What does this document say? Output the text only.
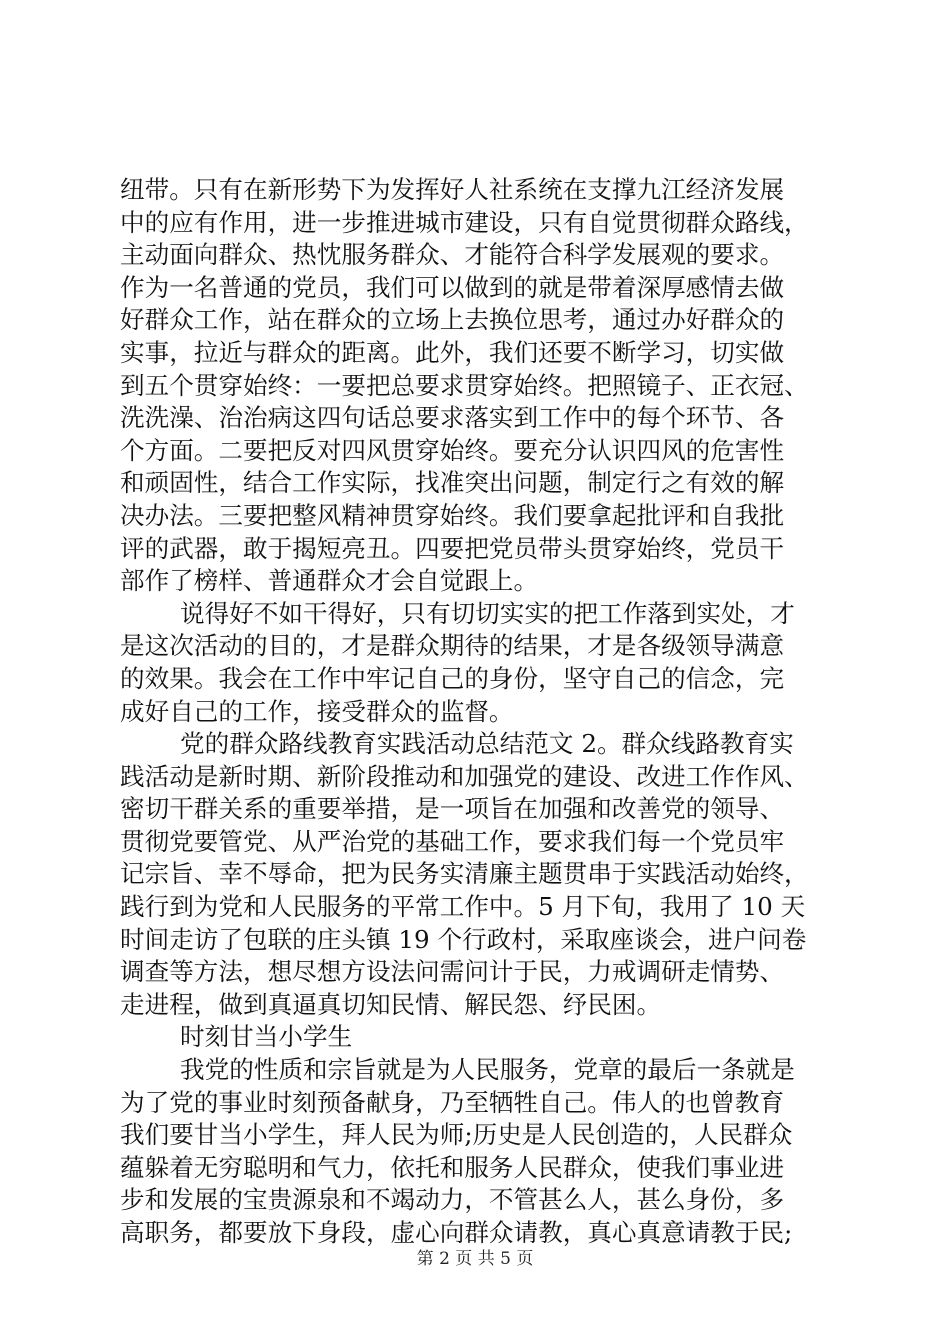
纽带。只有在新形势下为发挥好人社系统在支撑九江经济发展
中的应有作用，进一步推进城市建设，只有自觉贯彻群众路线，
主动面向群众、热忱服务群众、才能符合科学发展观的要求。
作为一名普通的党员，我们可以做到的就是带着深厚感情去做
好群众工作，站在群众的立场上去换位思考，通过办好群众的
实事，拉近与群众的距离。此外，我们还要不断学习，切实做
到五个贯穿始终：一要把总要求贯穿始终。把照镜子、正衣冠、
洗洗澡、治治病这四句话总要求落实到工作中的每个环节、各
个方面。二要把反对四风贯穿始终。要充分认识四风的危害性
和顽固性，结合工作实际，找准突出问题，制定行之有效的解
决办法。三要把整风精神贯穿始终。我们要拿起批评和自我批
评的武器，敢于揭短亮丑。四要把党员带头贯穿始终，党员干
部作了榜样、普通群众才会自觉跟上。
说得好不如干得好，只有切切实实的把工作落到实处，才
是这次活动的目的，才是群众期待的结果，才是各级领导满意
的效果。我会在工作中牢记自己的身份，坚守自己的信念，完
成好自己的工作，接受群众的监督。
党的群众路线教育实践活动总结范文 2。群众线路教育实
践活动是新时期、新阶段推动和加强党的建设、改进工作作风、
密切干群关系的重要举措，是一项旨在加强和改善党的领导、
贯彻党要管党、从严治党的基础工作，要求我们每一个党员牢
记宗旨、幸不辱命，把为民务实清廉主题贯串于实践活动始终，
践行到为党和人民服务的平常工作中。5 月下旬，我用了 10 天
时间走访了包联的庄头镇 19 个行政村，采取座谈会，进户问卷
调查等方法，想尽想方设法问需问计于民，力戒调研走情势、
走进程，做到真逼真切知民情、解民怨、纾民困。
时刻甘当小学生
我党的性质和宗旨就是为人民服务，党章的最后一条就是
为了党的事业时刻预备献身，乃至牺牲自己。伟人的也曾教育
我们要甘当小学生，拜人民为师;历史是人民创造的，人民群众
蕴躲着无穷聪明和气力，依托和服务人民群众，使我们事业进
步和发展的宝贵源泉和不竭动力，不管甚么人，甚么身份，多
高职务，都要放下身段，虚心向群众请教，真心真意请教于民;
第 2 页 共 5 页
